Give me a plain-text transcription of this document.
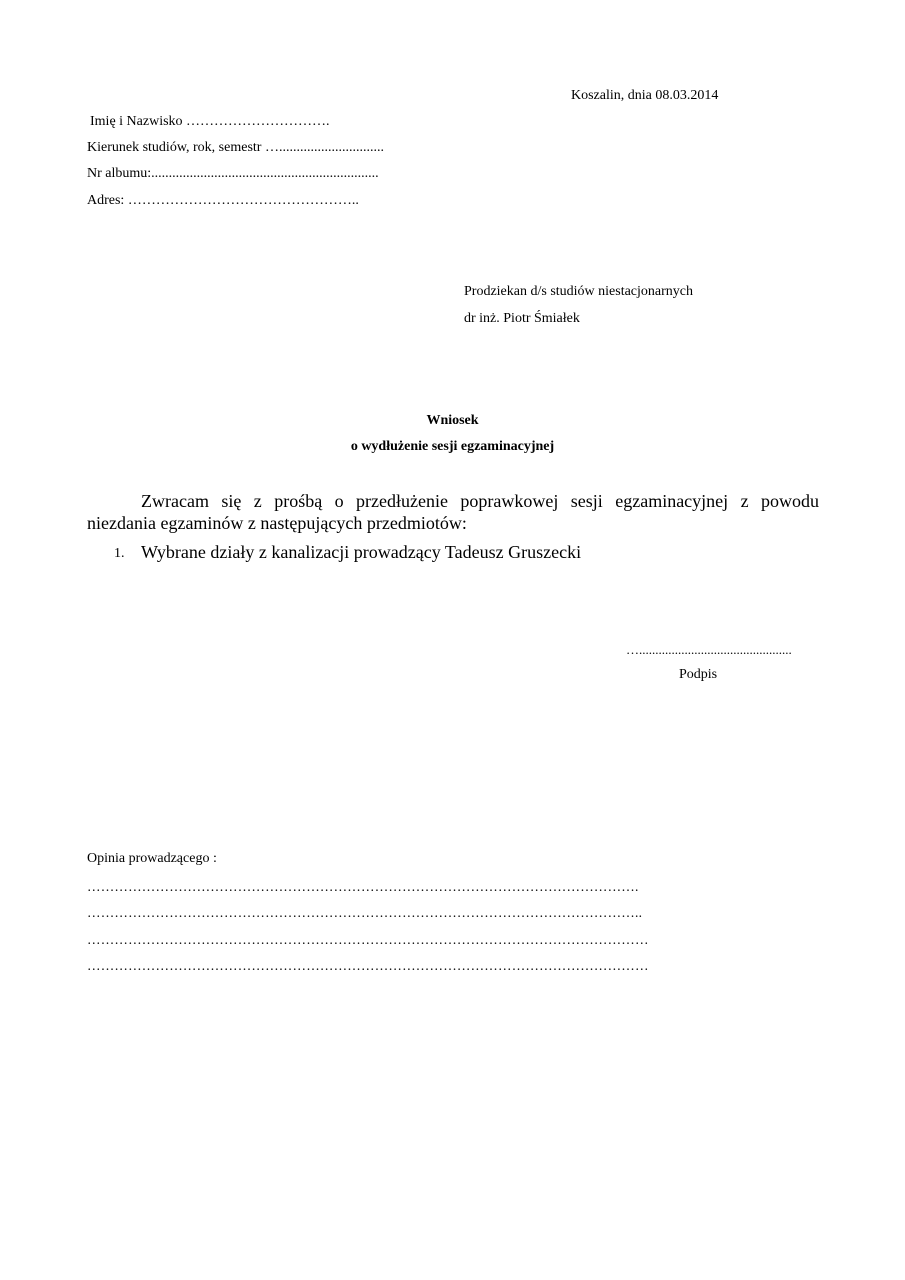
Koszalin, dnia 08.03.2014
Imię i Nazwisko ………………………….
Kierunek studiów, rok, semestr …..............................
Nr albumu:.................................................................
Adres: …………………………………………..
Prodziekan d/s studiów niestacjonarnych
dr inż. Piotr Śmiałek
Wniosek
o wydłużenie sesji egzaminacyjnej
Zwracam się z prośbą o przedłużenie poprawkowej sesji egzaminacyjnej z powodu
niezdania egzaminów z następujących przedmiotów:
1. Wybrane działy z kanalizacji prowadzący Tadeusz Gruszecki
…...............................................
Podpis
Opinia prowadzącego :
………………………………………………………………………………………………………….
…………………………………………………………………………………………………………..
……………………………………………………………………………………………………………
……………………………………………………………………………………………………………
